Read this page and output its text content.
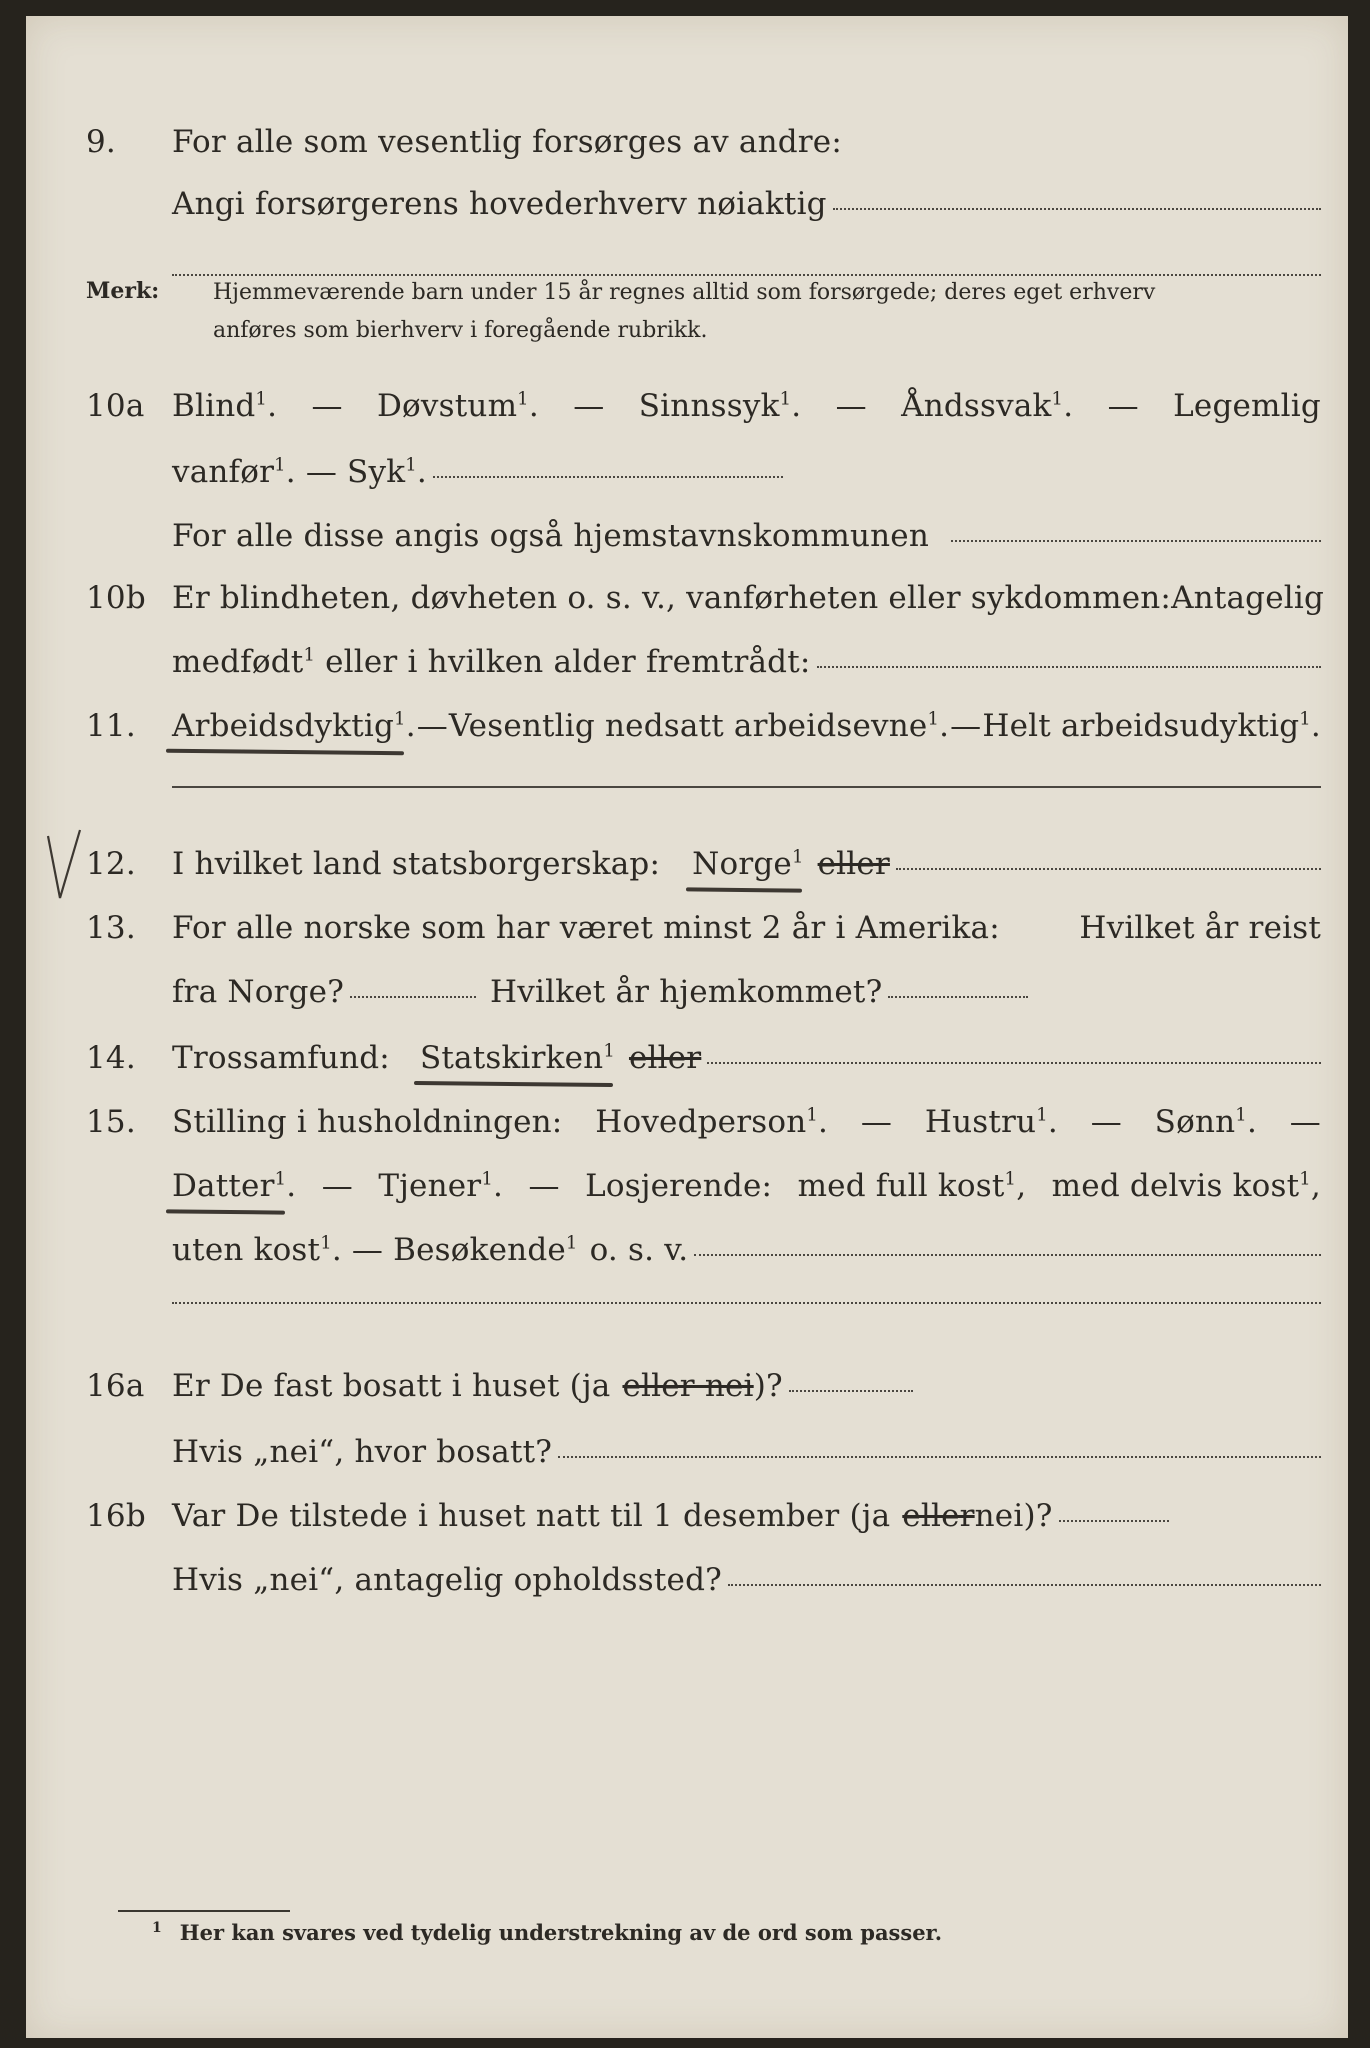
9. For alle som vesentlig forsørges av andre:
Angi forsørgerens hovederhverv nøiaktig
Merk: Hjemmeværende barn under 15 år regnes alltid som forsørgede; deres eget erhverv
anføres som bierhverv i foregående rubrikk.
10a Blind$^1$. — Døvstum$^1$. — Sinnssyk$^1$. — Åndssvak$^1$. — Legemlig
vanfør$^1$. — Syk$^1$.
For alle disse angis også hjemstavnskommunen
10b Er blindheten, døvheten o. s. v., vanførheten eller sykdommen: Antagelig
medfødt$^1$ eller i hvilken alder fremtrådt:
11. Arbeidsdyktig$^1$. — Vesentlig nedsatt arbeidsevne$^1$. — Helt arbeidsudyktig$^1$.
12. I hvilket land statsborgerskap: Norge$^1$ eller
13. For alle norske som har været minst 2 år i Amerika:	Hvilket år reist
fra Norge?	Hvilket år hjemkommet?
14. Trossamfund: Statskirken$^1$ eller
15. Stilling i husholdningen: Hovedperson$^1$. — Hustru$^1$. — Sønn$^1$. —
Datter$^1$. — Tjener$^1$. — Losjerende: med full kost$^1$, med delvis kost$^1$,
uten kost$^1$. — Besøkende$^1$ o. s. v.
16a Er De fast bosatt i huset (ja eller nei )?
Hvis „nei“, hvor bosatt?
16b Var De tilstede i huset natt til 1 desember (ja eller nei)?
Hvis „nei“, antagelig opholdssted?
$^1$ Her kan svares ved tydelig understrekning av de ord som passer.
